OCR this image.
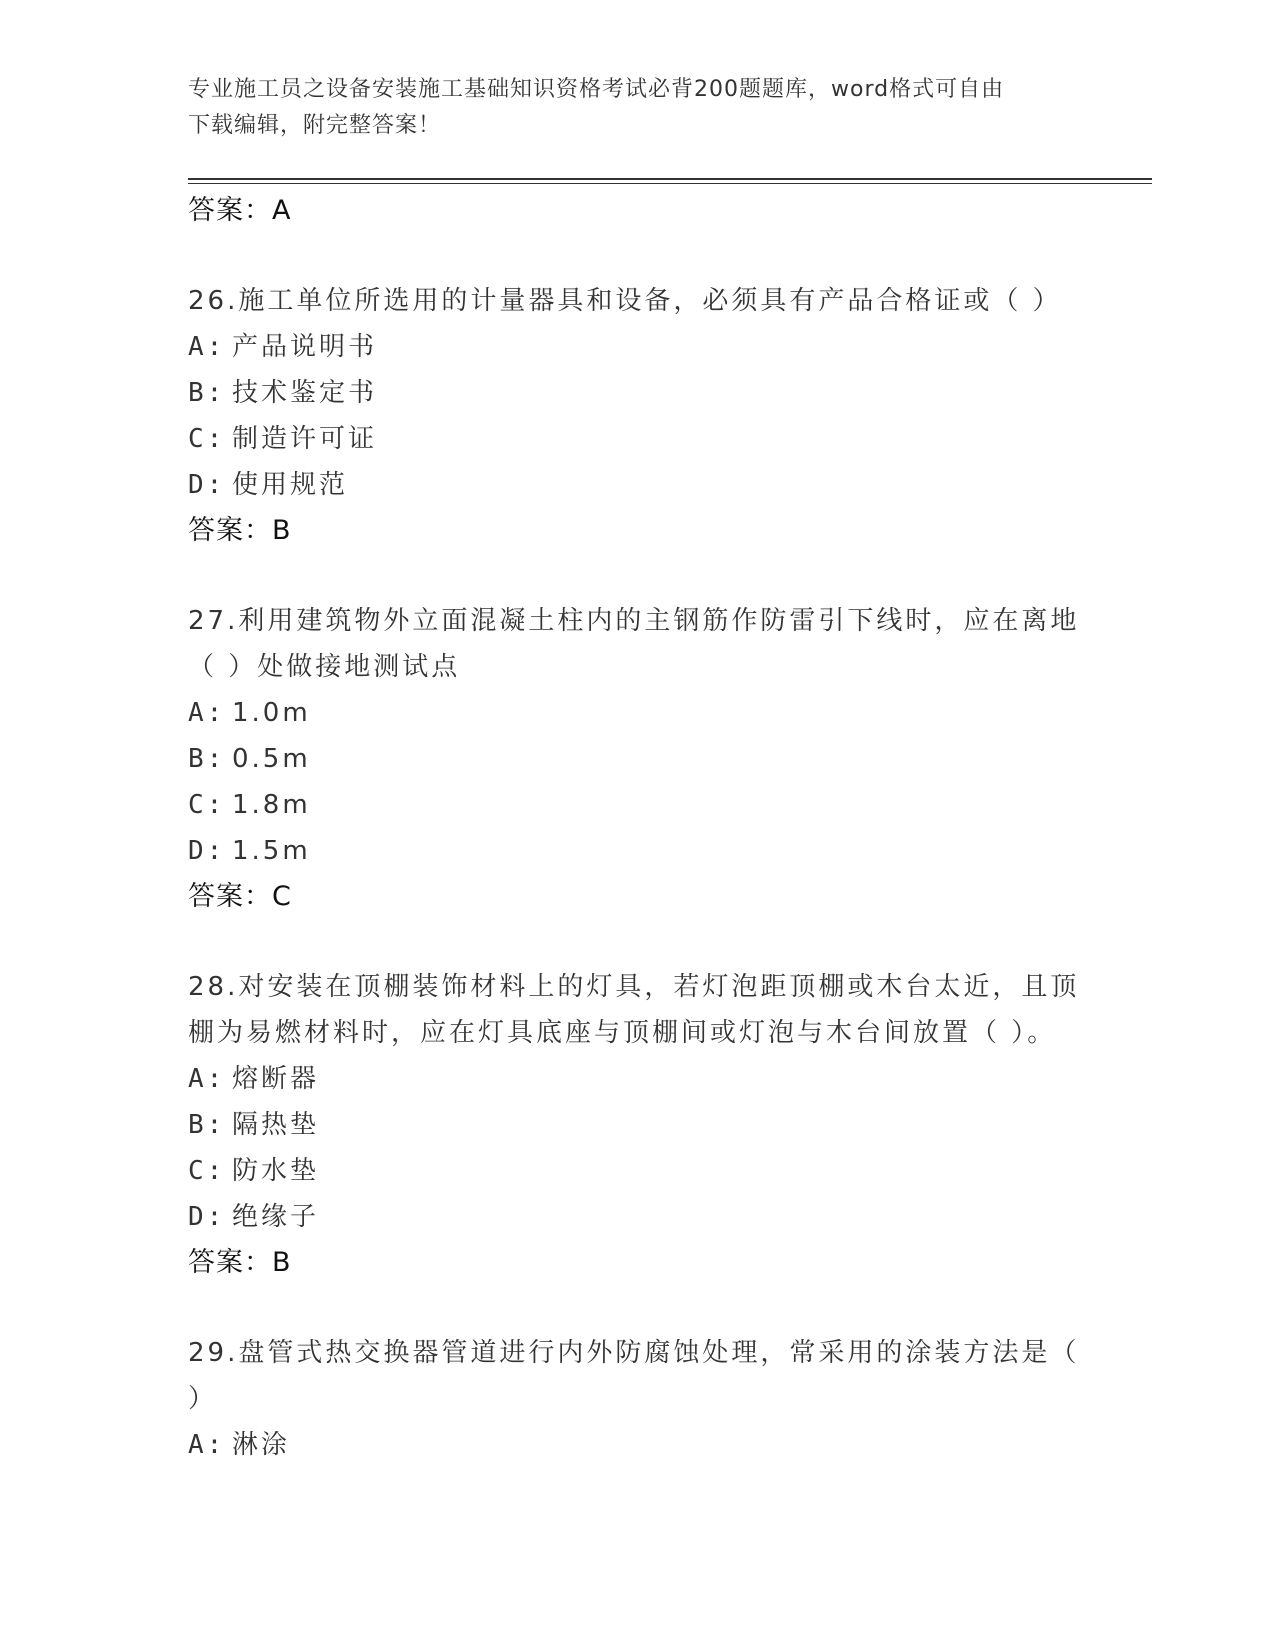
专业施工员之设备安装施工基础知识资格考试必背200题题库，word格式可自由
下载编辑，附完整答案！
答案：A
26.施工单位所选用的计量器具和设备，必须具有产品合格证或（ ）
A: 产品说明书
B: 技术鉴定书
C: 制造许可证
D: 使用规范
答案：B
27.利用建筑物外立面混凝土柱内的主钢筋作防雷引下线时，应在离地
（ ）处做接地测试点
A: 1.0m
B: 0.5m
C: 1.8m
D: 1.5m
答案：C
28.对安装在顶棚装饰材料上的灯具，若灯泡距顶棚或木台太近，且顶
棚为易燃材料时，应在灯具底座与顶棚间或灯泡与木台间放置（ ）。
A: 熔断器
B: 隔热垫
C: 防水垫
D: 绝缘子
答案：B
29.盘管式热交换器管道进行内外防腐蚀处理，常采用的涂装方法是（
）
A: 淋涂
